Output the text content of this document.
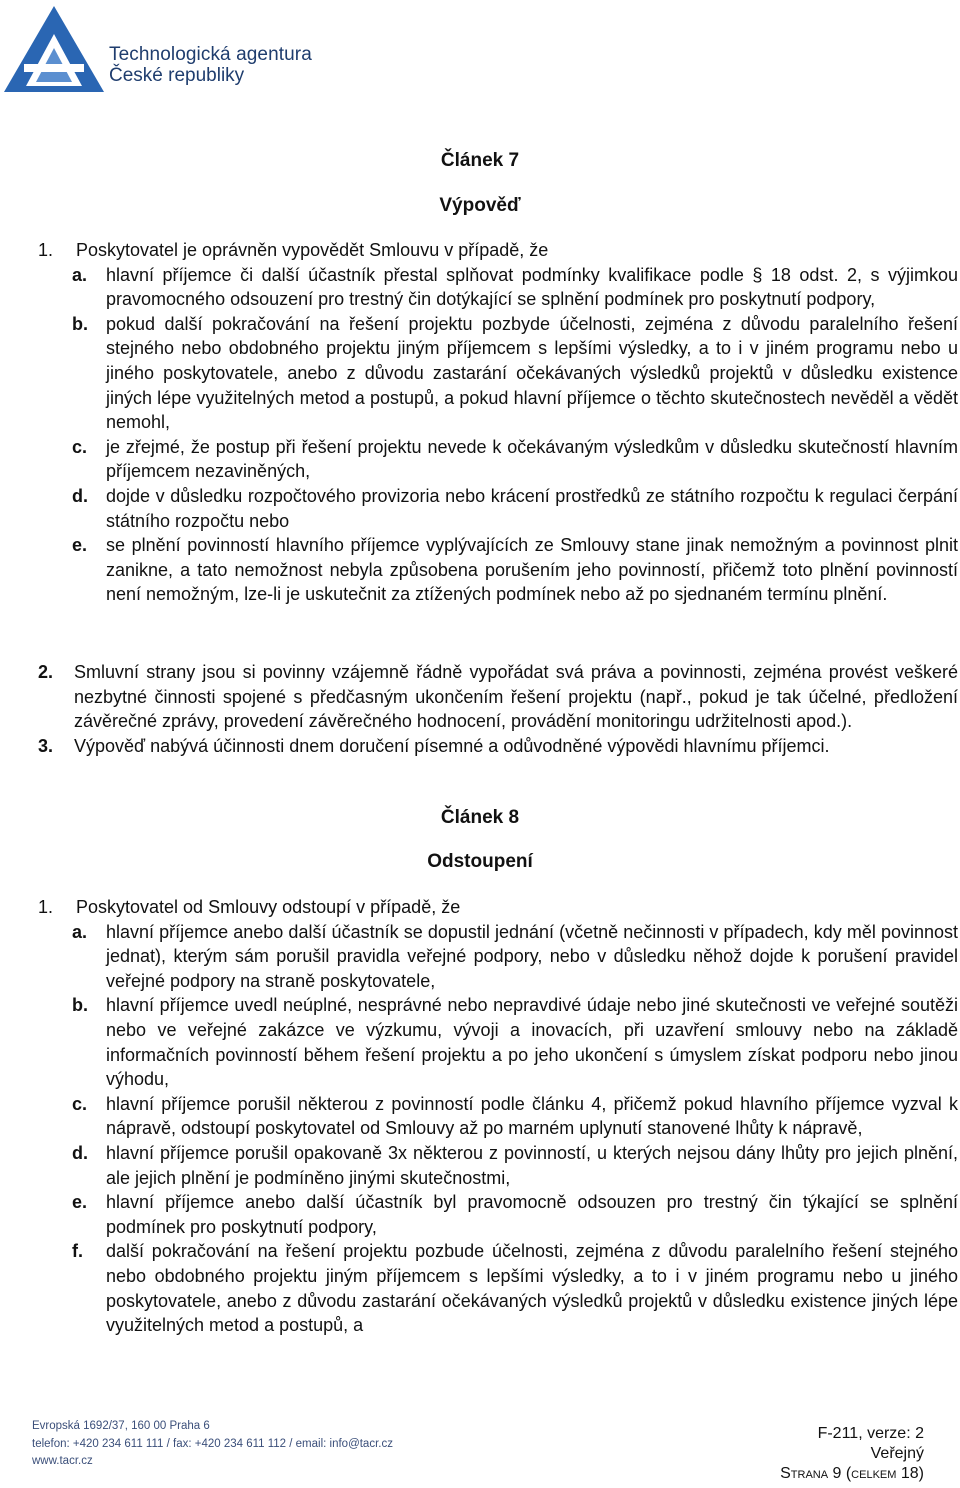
Technologická agentura
České republiky
Článek 7
Výpověď
1.	Poskytovatel je oprávněn vypovědět Smlouvu v případě, že
a.	hlavní příjemce či další účastník přestal splňovat podmínky kvalifikace podle § 18 odst. 2, s výjimkou pravomocného odsouzení pro trestný čin dotýkající se splnění podmínek pro poskytnutí podpory,
b.	pokud další pokračování na řešení projektu pozbyde účelnosti, zejména z důvodu paralelního řešení stejného nebo obdobného projektu jiným příjemcem s lepšími výsledky, a to i v jiném programu nebo u jiného poskytovatele, anebo z důvodu zastarání očekávaných výsledků projektů v důsledku existence jiných lépe využitelných metod a postupů, a pokud hlavní příjemce o těchto skutečnostech nevěděl a vědět nemohl,
c.	je zřejmé, že postup při řešení projektu nevede k očekávaným výsledkům v důsledku skutečností hlavním příjemcem nezaviněných,
d.	dojde v důsledku rozpočtového provizoria nebo krácení prostředků ze státního rozpočtu k regulaci čerpání státního rozpočtu nebo
e.	se plnění povinností hlavního příjemce vyplývajících ze Smlouvy stane jinak nemožným a povinnost plnit zanikne, a tato nemožnost nebyla způsobena porušením jeho povinností, přičemž toto plnění povinností není nemožným, lze-li je uskutečnit za ztížených podmínek nebo až po sjednaném termínu plnění.
2.	Smluvní strany jsou si povinny vzájemně řádně vypořádat svá práva a povinnosti, zejména provést veškeré nezbytné činnosti spojené s předčasným ukončením řešení projektu (např., pokud je tak účelné, předložení závěrečné zprávy, provedení závěrečného hodnocení, provádění monitoringu udržitelnosti apod.).
3.	Výpověď nabývá účinnosti dnem doručení písemné a odůvodněné výpovědi hlavnímu příjemci.
Článek 8
Odstoupení
1.	Poskytovatel od Smlouvy odstoupí v případě, že
a.	hlavní příjemce anebo další účastník se dopustil jednání (včetně nečinnosti v případech, kdy měl povinnost jednat), kterým sám porušil pravidla veřejné podpory, nebo v důsledku něhož dojde k porušení pravidel veřejné podpory na straně poskytovatele,
b.	hlavní příjemce uvedl neúplné, nesprávné nebo nepravdivé údaje nebo jiné skutečnosti ve veřejné soutěži nebo ve veřejné zakázce ve výzkumu, vývoji a inovacích, při uzavření smlouvy nebo na základě informačních povinností během řešení projektu a po jeho ukončení s úmyslem získat podporu nebo jinou výhodu,
c.	hlavní příjemce porušil některou z povinností podle článku 4, přičemž pokud hlavního příjemce vyzval k nápravě, odstoupí poskytovatel od Smlouvy až po marném uplynutí stanovené lhůty k nápravě,
d.	hlavní příjemce porušil opakovaně 3x některou z povinností, u kterých nejsou dány lhůty pro jejich plnění, ale jejich plnění je podmíněno jinými skutečnostmi,
e.	hlavní příjemce anebo další účastník byl pravomocně odsouzen pro trestný čin týkající se splnění podmínek pro poskytnutí podpory,
f.	další pokračování na řešení projektu pozbude účelnosti, zejména z důvodu paralelního řešení stejného nebo obdobného projektu jiným příjemcem s lepšími výsledky, a to i v jiném programu nebo u jiného poskytovatele, anebo z důvodu zastarání očekávaných výsledků projektů v důsledku existence jiných lépe využitelných metod a postupů, a
Evropská 1692/37, 160 00 Praha 6
telefon: +420 234 611 111 / fax: +420 234 611 112 / email: info@tacr.cz
www.tacr.cz
F-211, verze: 2
Veřejný
Strana 9 (celkem 18)
